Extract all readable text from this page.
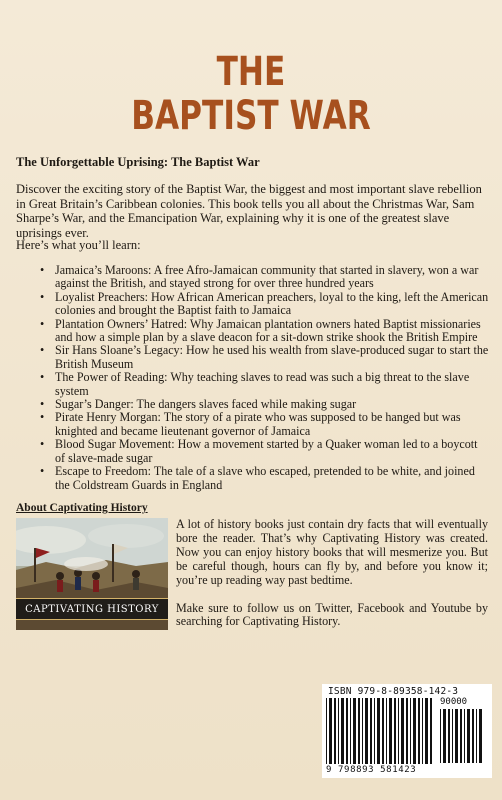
THE
BAPTIST WAR
The Unforgettable Uprising: The Baptist War

Discover the exciting story of the Baptist War, the biggest and most important slave rebellion in Great Britain’s Caribbean colonies. This book tells you all about the Christmas War, Sam Sharpe’s War, and the Emancipation War, explaining why it is one of the greatest slave uprisings ever.

Here’s what you’ll learn:
• Jamaica’s Maroons: A free Afro-Jamaican community that started in slavery, won a war against the British, and stayed strong for over three hundred years
• Loyalist Preachers: How African American preachers, loyal to the king, left the American colonies and brought the Baptist faith to Jamaica
• Plantation Owners’ Hatred: Why Jamaican plantation owners hated Baptist missionaries and how a simple plan by a slave deacon for a sit-down strike shook the British Empire
• Sir Hans Sloane’s Legacy: How he used his wealth from slave-produced sugar to start the British Museum
• The Power of Reading: Why teaching slaves to read was such a big threat to the slave system
• Sugar’s Danger: The dangers slaves faced while making sugar
• Pirate Henry Morgan: The story of a pirate who was supposed to be hanged but was knighted and became lieutenant governor of Jamaica
• Blood Sugar Movement: How a movement started by a Quaker woman led to a boycott of slave-made sugar
• Escape to Freedom: The tale of a slave who escaped, pretended to be white, and joined the Coldstream Guards in England
About Captivating History
CAPTIVATING HISTORY

A lot of history books just contain dry facts that will eventually bore the reader. That’s why Captivating History was created. Now you can enjoy history books that will mesmerize you. But be careful though, hours can fly by, and before you know it; you’re up reading way past bedtime.

Make sure to follow us on Twitter, Facebook and Youtube by searching for Captivating History.

ISBN 979-8-89358-142-3
90000
9 798893 581423
